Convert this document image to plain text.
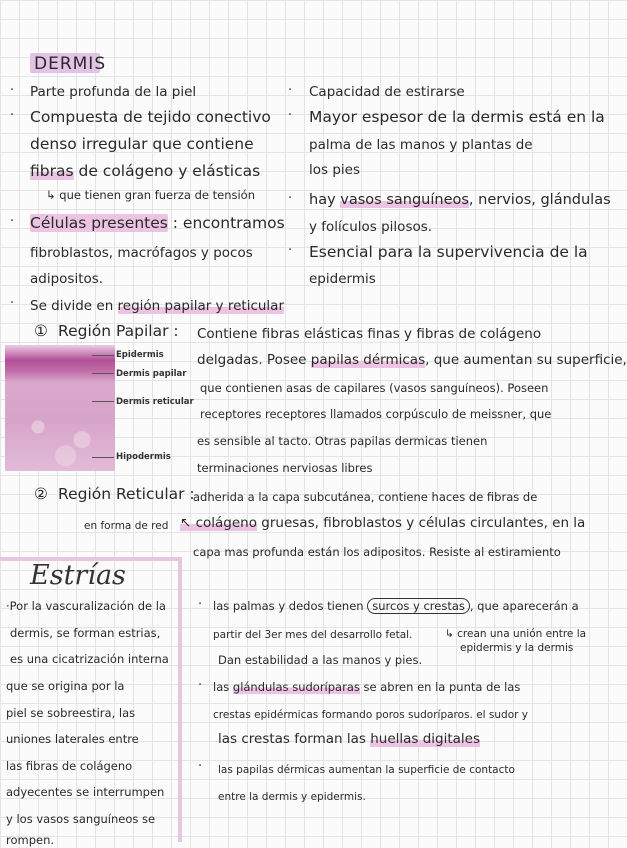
DERMIS
· Parte profunda de la piel
· Compuesta de tejido conectivo
denso irregular que contiene
fibras de colágeno y elásticas
↳ que tienen gran fuerza de tensión
· Células presentes : encontramos
fibroblastos, macrófagos y pocos
adipositos.
· Capacidad de estirarse
· Mayor espesor de la dermis está en la
palma de las manos y plantas de
los pies
· hay vasos sanguíneos, nervios, glándulas
y folículos pilosos.
· Esencial para la supervivencia de la
epidermis
· Se divide en región papilar y reticular
① Región Papilar : Contiene fibras elásticas finas y fibras de colágeno
delgadas. Posee papilas dérmicas, que aumentan su superficie,
que contienen asas de capilares (vasos sanguíneos). Poseen
receptores receptores llamados corpúsculo de meissner, que
es sensible al tacto. Otras papilas dermicas tienen
terminaciones nerviosas libres
Epidermis
Dermis papilar
Dermis reticular
Hipodermis
② Región Reticular :
adherida a la capa subcutánea, contiene haces de fibras de
en forma de red ↖ colágeno gruesas, fibroblastos y células circulantes, en la
capa mas profunda están los adipositos. Resiste al estiramiento
Estrías
·Por la vascuralización de la
dermis, se forman estrias,
es una cicatrización interna
que se origina por la
piel se sobreestira, las
uniones laterales entre
las fibras de colágeno
adyecentes se interrumpen
y los vasos sanguíneos se
rompen.
· las palmas y dedos tienen surcos y crestas , que aparecerán a
partir del 3er mes del desarrollo fetal.	↳ crean una unión entre la
epidermis y la dermis
Dan estabilidad a las manos y pies.
· las glándulas sudoríparas se abren en la punta de las
crestas epidérmicas formando poros sudoríparos. el sudor y
las crestas forman las huellas digitales
· las papilas dérmicas aumentan la superficie de contacto
entre la dermis y epidermis.
